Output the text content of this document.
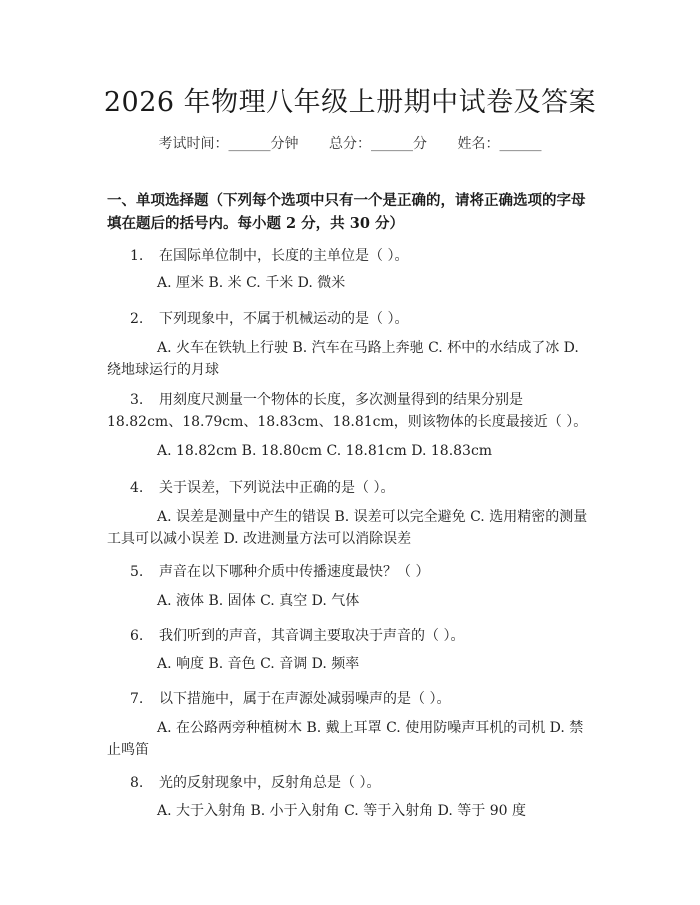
2026 年物理八年级上册期中试卷及答案
考试时间：______分钟 总分：______分 姓名：______
一、单项选择题（下列每个选项中只有一个是正确的，请将正确选项的字母填在题后的括号内。每小题 2 分，共 30 分）
1. 在国际单位制中，长度的主单位是（ ）。
A. 厘米 B. 米 C. 千米 D. 微米
2. 下列现象中，不属于机械运动的是（ ）。
A. 火车在铁轨上行驶 B. 汽车在马路上奔驰 C. 杯中的水结成了冰 D. 绕地球运行的月球
3. 用刻度尺测量一个物体的长度，多次测量得到的结果分别是 18.82cm、18.79cm、18.83cm、18.81cm，则该物体的长度最接近（ ）。
A. 18.82cm B. 18.80cm C. 18.81cm D. 18.83cm
4. 关于误差，下列说法中正确的是（ ）。
A. 误差是测量中产生的错误 B. 误差可以完全避免 C. 选用精密的测量工具可以减小误差 D. 改进测量方法可以消除误差
5. 声音在以下哪种介质中传播速度最快？（ ）
A. 液体 B. 固体 C. 真空 D. 气体
6. 我们听到的声音，其音调主要取决于声音的（ ）。
A. 响度 B. 音色 C. 音调 D. 频率
7. 以下措施中，属于在声源处减弱噪声的是（ ）。
A. 在公路两旁种植树木 B. 戴上耳罩 C. 使用防噪声耳机的司机 D. 禁止鸣笛
8. 光的反射现象中，反射角总是（ ）。
A. 大于入射角 B. 小于入射角 C. 等于入射角 D. 等于 90 度
